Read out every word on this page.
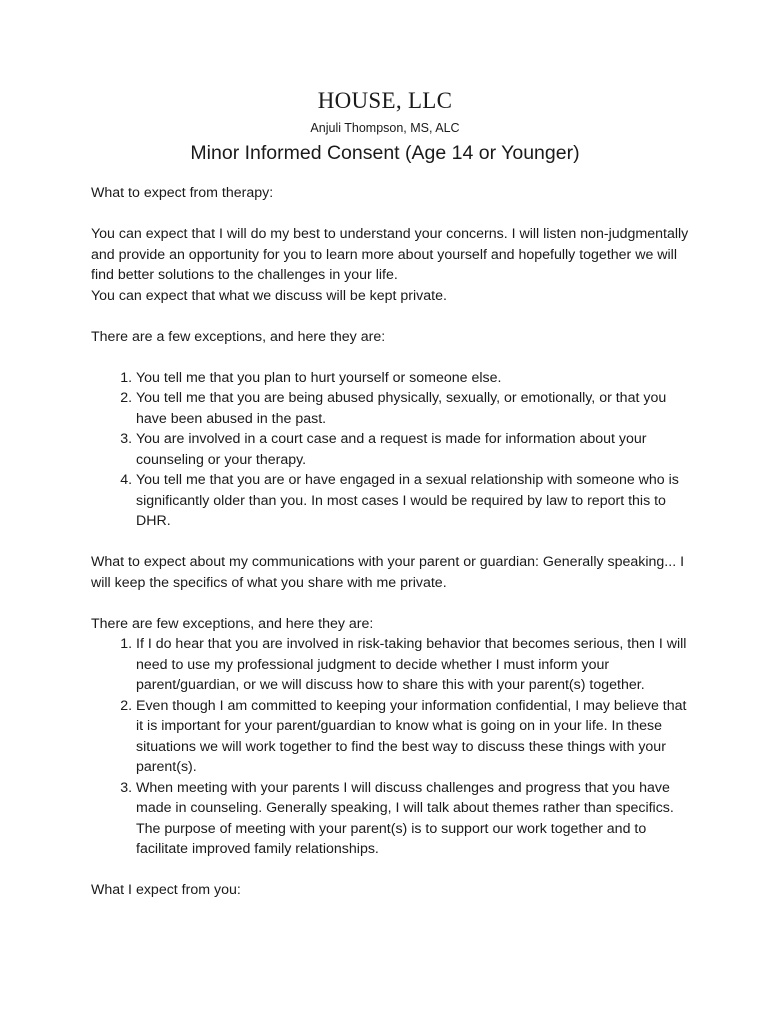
HOUSE, LLC
Anjuli Thompson, MS, ALC
Minor Informed Consent (Age 14 or Younger)

What to expect from therapy:

You can expect that I will do my best to understand your concerns. I will listen non-judgmentally and provide an opportunity for you to learn more about yourself and hopefully together we will find better solutions to the challenges in your life.

You can expect that what we discuss will be kept private.

There are a few exceptions, and here they are:

1. You tell me that you plan to hurt yourself or someone else.
2. You tell me that you are being abused physically, sexually, or emotionally, or that you have been abused in the past.
3. You are involved in a court case and a request is made for information about your counseling or your therapy.
4. You tell me that you are or have engaged in a sexual relationship with someone who is significantly older than you. In most cases I would be required by law to report this to DHR.

What to expect about my communications with your parent or guardian: Generally speaking... I will keep the specifics of what you share with me private.

There are few exceptions, and here they are:

1. If I do hear that you are involved in risk-taking behavior that becomes serious, then I will need to use my professional judgment to decide whether I must inform your parent/guardian, or we will discuss how to share this with your parent(s) together.
2. Even though I am committed to keeping your information confidential, I may believe that it is important for your parent/guardian to know what is going on in your life. In these situations we will work together to find the best way to discuss these things with your parent(s).
3. When meeting with your parents I will discuss challenges and progress that you have made in counseling. Generally speaking, I will talk about themes rather than specifics. The purpose of meeting with your parent(s) is to support our work together and to facilitate improved family relationships.

What I expect from you:
